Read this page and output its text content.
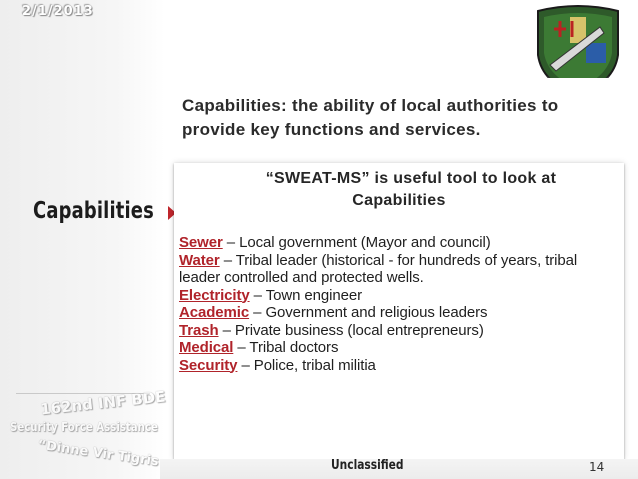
2/1/2013
Capabilities: the ability of local authorities to provide key functions and services.
Capabilities
162nd INF BDE
Security Force Assistance
“Dinne Vir Tigris
“SWEAT-MS” is useful tool to look at
Capabilities
Sewer – Local government (Mayor and council)
Water – Tribal leader (historical - for hundreds of years, tribal leader controlled and protected wells.
Electricity – Town engineer
Academic – Government and religious leaders
Trash – Private business (local entrepreneurs)
Medical – Tribal doctors
Security – Police, tribal militia
Unclassified	14
